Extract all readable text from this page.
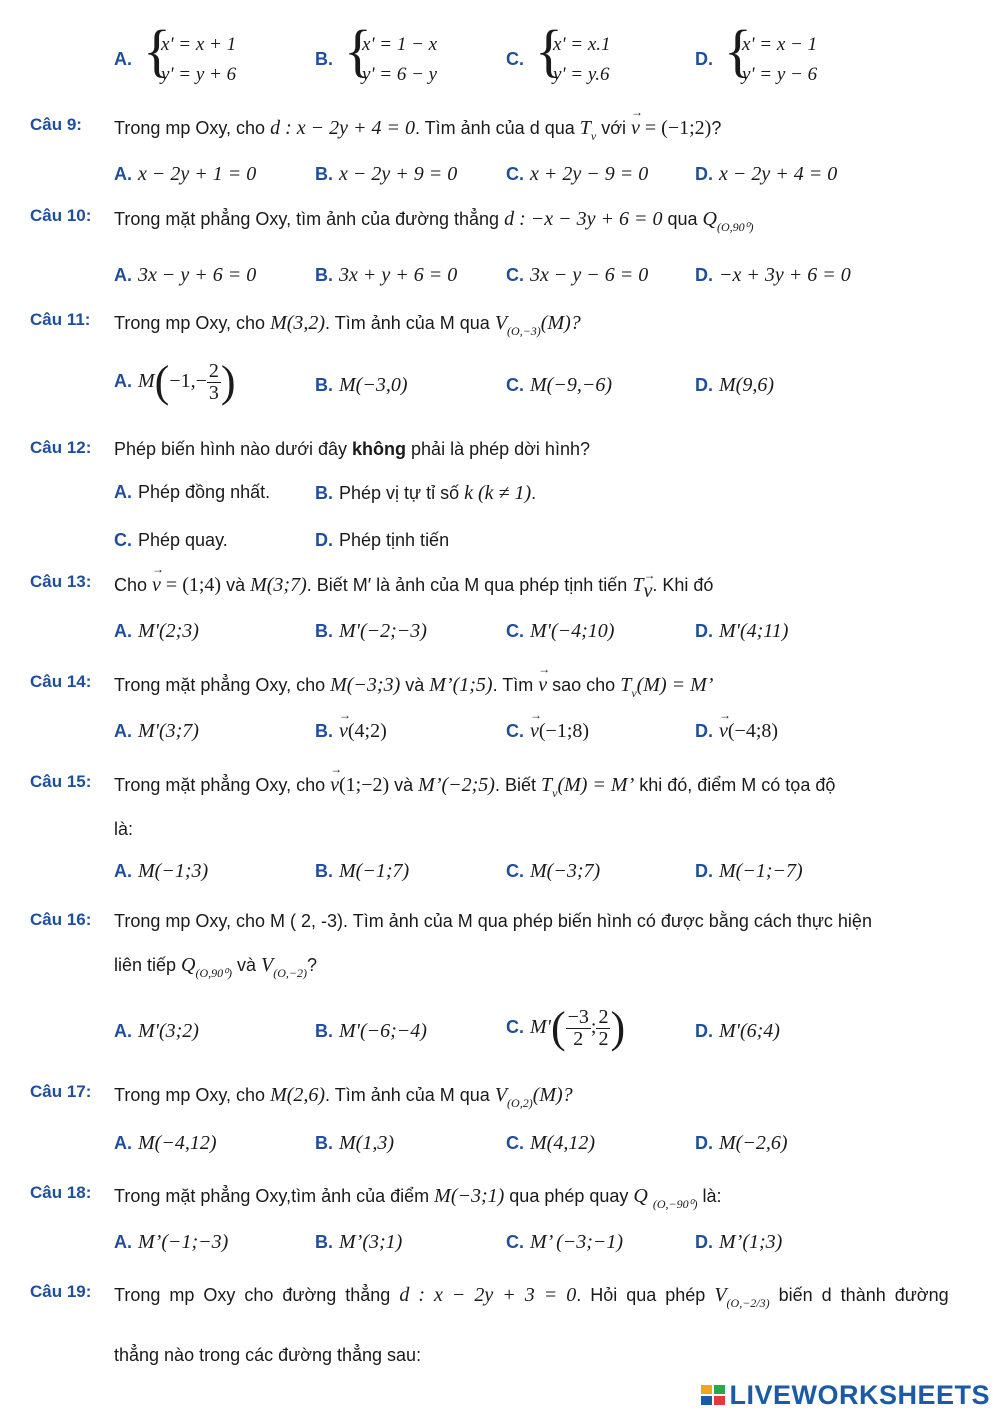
A. {
x' = x + 1
y' = y + 6
B. {
x' = 1 − x
y' = 6 − y
C. {
x' = x.1
y' = y.6
D. {
x' = x − 1
y' = y − 6
Câu 9: Trong mp Oxy, cho d : x − 2y + 4 = 0. Tìm ảnh của d qua $T_v$ với → v = (−1;2)?
A. x − 2y + 1 = 0	B. x − 2y + 9 = 0	C. x + 2y − 9 = 0	D. x − 2y + 4 = 0
Câu 10: Trong mặt phẳng Oxy, tìm ảnh của đường thẳng d : −x − 3y + 6 = 0 qua $Q_{(O,90^0)}$
A. 3x − y + 6 = 0	B. 3x + y + 6 = 0	C. 3x − y − 6 = 0	D. −x + 3y + 6 = 0
Câu 11: Trong mp Oxy, cho M(3,2). Tìm ảnh của M qua $V_{(O,-3)}(M)$?
A. $M(-1,- \frac{2}{3}$ )	B. M(−3,0)	C. M(−9,−6)	D. M(9,6)
Câu 12: Phép biến hình nào dưới đây không phải là phép dời hình?
A. Phép đồng nhất. B. Phép vị tự tỉ số k (k ≠ 1).
C. Phép quay.	D. Phép tịnh tiến
Câu 13: Cho → v = (1;4) và M(3;7). Biết M′ là ảnh của M qua phép tịnh tiến T→ v. Khi đó
A. M'(2;3)	B. M'(−2;−3)	C. M'(−4;10)	D. M'(4;11)
Câu 14: Trong mặt phẳng Oxy, cho M(−3;3) và M’(1;5). Tìm → v sao cho $T_v(M) = M$’
A. M'(3;7)	B. → v(4;2)	C. → v(−1;8)	D. → v(−4;8)
Câu 15: Trong mặt phẳng Oxy, cho → v(1;−2) và M’(−2;5). Biết $T_v(M) = M$’ khi đó, điểm M có tọa độ
là:
A. M(−1;3)	B. M(−1;7)	C. M(−3;7)	D. M(−1;−7)
Câu 16: Trong mp Oxy, cho M ( 2, -3). Tìm ảnh của M qua phép biến hình có được bằng cách thực hiện
liên tiếp $Q_{(O,90^0)}$ và $V_{(O,-2)}$?
A. M'(3;2)	B. M'(−6;−4)	C. $M'( \frac{-3}{2}$ ; $\frac{2}{2}$ )	D. M'(6;4)
Câu 17: Trong mp Oxy, cho M(2,6). Tìm ảnh của M qua $V_{(O,2)}(M)$?
A. M(−4,12)	B. M(1,3)	C. M(4,12)	D. M(−2,6)
Câu 18: Trong mặt phẳng Oxy,tìm ảnh của điểm M(−3;1) qua phép quay Q $_{(O,-90^0)}$ là:
A. M’(−1;−3)	B. M’(3;1)	C. M’ (−3;−1)	D. M’(1;3)
Câu 19: Trong mp Oxy cho đường thẳng d : x − 2y + 3 = 0. Hỏi qua phép $V_{(O,-2/3)}$ biến d thành đường
thẳng nào trong các đường thẳng sau:
LIVEWORKSHEETS
